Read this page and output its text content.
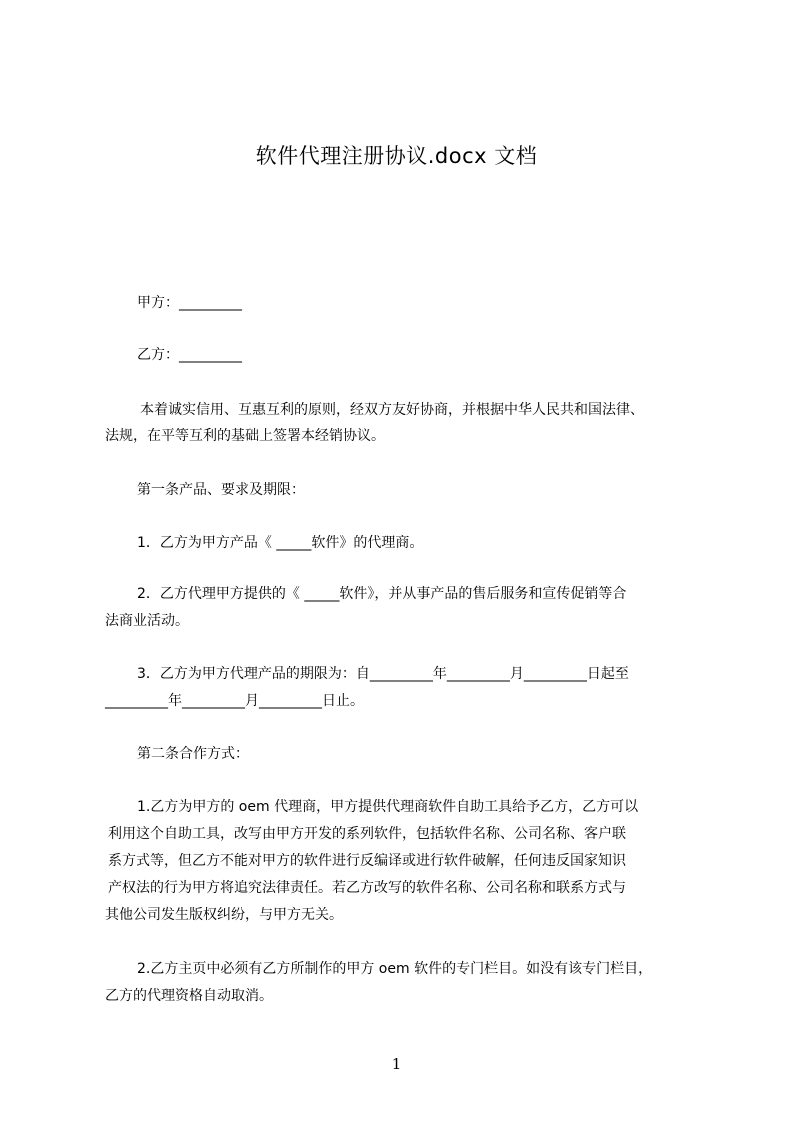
软件代理注册协议.docx 文档
甲方：_________
乙方：_________
本着诚实信用、互惠互利的原则，经双方友好协商，并根据中华人民共和国法律、
法规，在平等互利的基础上签署本经销协议。
第一条产品、要求及期限：
1．乙方为甲方产品《 _____软件》的代理商。
2．乙方代理甲方提供的《 _____软件》，并从事产品的售后服务和宣传促销等合
法商业活动。
3．乙方为甲方代理产品的期限为：自_________年_________月_________日起至
_________年_________月_________日止。
第二条合作方式：
1.乙方为甲方的 oem 代理商，甲方提供代理商软件自助工具给予乙方，乙方可以
利用这个自助工具，改写由甲方开发的系列软件，包括软件名称、公司名称、客户联
系方式等，但乙方不能对甲方的软件进行反编译或进行软件破解，任何违反国家知识
产权法的行为甲方将追究法律责任。若乙方改写的软件名称、公司名称和联系方式与
其他公司发生版权纠纷，与甲方无关。
2.乙方主页中必须有乙方所制作的甲方 oem 软件的专门栏目。如没有该专门栏目，
乙方的代理资格自动取消。
1
